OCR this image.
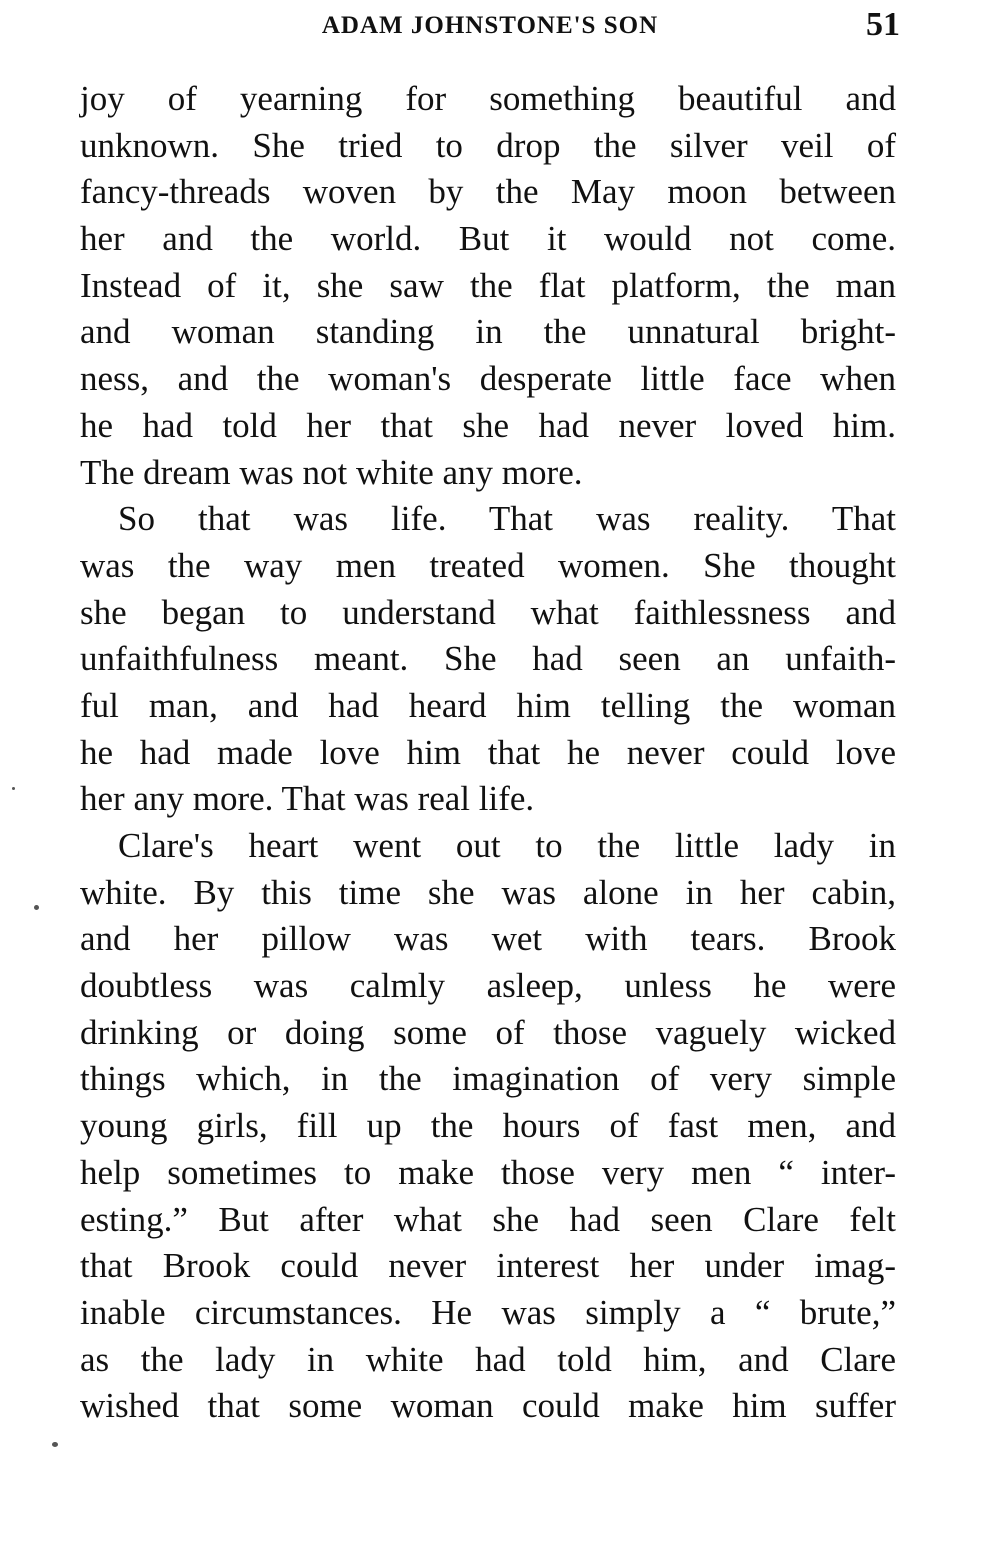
ADAM JOHNSTONE'S SON	51
joy of yearning for something beautiful and
unknown. She tried to drop the silver veil of
fancy-threads woven by the May moon between
her and the world. But it would not come.
Instead of it, she saw the flat platform, the man
and woman standing in the unnatural bright-
ness, and the woman's desperate little face when
he had told her that she had never loved him.
The dream was not white any more.
So that was life. That was reality. That
was the way men treated women. She thought
she began to understand what faithlessness and
unfaithfulness meant. She had seen an unfaith-
ful man, and had heard him telling the woman
he had made love him that he never could love
her any more. That was real life.
Clare's heart went out to the little lady in
white. By this time she was alone in her cabin,
and her pillow was wet with tears. Brook
doubtless was calmly asleep, unless he were
drinking or doing some of those vaguely wicked
things which, in the imagination of very simple
young girls, fill up the hours of fast men, and
help sometimes to make those very men “ inter-
esting.” But after what she had seen Clare felt
that Brook could never interest her under imag-
inable circumstances. He was simply a “ brute,”
as the lady in white had told him, and Clare
wished that some woman could make him suffer
